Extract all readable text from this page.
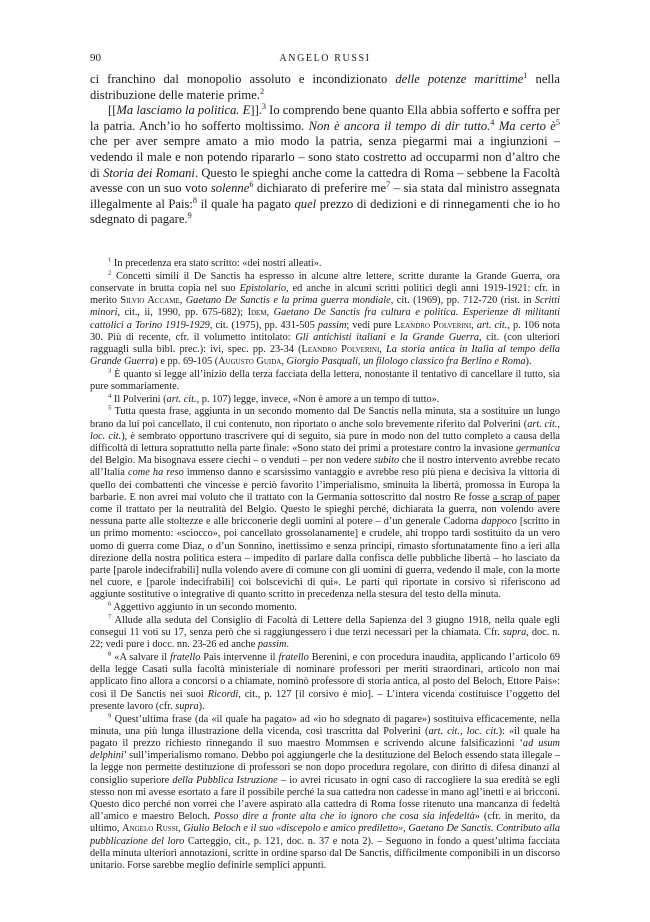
90	ANGELO RUSSI

ci franchino dal monopolio assoluto e incondizionato delle potenze marittime$^1$ nella distribuzione delle materie prime.$^2$

[[Ma lasciamo la politica. E]].$^3$ Io comprendo bene quanto Ella abbia sofferto e soffra per la patria. Anch’io ho sofferto moltissimo. Non è ancora il tempo di dir tutto.$^4$ Ma certo $è^5$ che per aver sempre amato a mio modo la patria, senza piegarmi mai a ingiunzioni – vedendo il male e non potendo ripararlo – sono stato costretto ad occuparmi non d’altro che di Storia dei Romani. Questo le spieghi anche come la cattedra di Roma – sebbene la Facoltà avesse con un suo voto solenne$^6$ dichiarato di preferire $me^7$ – sia stata dal ministro assegnata illegalmente al Pais:$^8$ il quale ha pagato quel prezzo di dedizioni e di rinnegamenti che io ho sdegnato di pagare.$^9$

$^1$ In precedenza era stato scritto: «dei nostri alleati».

$^2$ Concetti simili il De Sanctis ha espresso in alcune altre lettere, scritte durante la Grande Guerra, ora conservate in brutta copia nel suo Epistolario, ed anche in alcuni scritti politici degli anni 1919-1921: cfr. in merito Silvio Accame, Gaetano De Sanctis e la prima guerra mondiale, cit. (1969), pp. 712-720 (rist. in Scritti minori, cit., ii, 1990, pp. 675-682); Idem, Gaetano De Sanctis fra cultura e politica. Esperienze di militanti cattolici a Torino 1919-1929, cit. (1975), pp. 431-505 passim; vedi pure Leandro Polverini, art. cit., p. 106 nota 30. Più di recente, cfr. il volumetto intitolato: Gli antichisti italiani e la Grande Guerra, cit. (con ulteriori ragguagli sulla bibl. prec.): ivi, spec. pp. 23-34 (Leandro Polverini, La storia antica in Italia al tempo della Grande Guerra) e pp. 69-105 (Augusto Guida, Giorgio Pasquali, un filologo classico fra Berlino e Roma).

$^3$ È quanto si legge all’inizio della terza facciata della lettera, nonostante il tentativo di cancellare il tutto, sia pure sommariamente.

$^4$ Il Polverini (art. cit., p. 107) legge, invece, «Non è amore a un tempo di tutto».

$^5$ Tutta questa frase, aggiunta in un secondo momento dal De Sanctis nella minuta, sta a sostituire un lungo brano da lui poi cancellato, il cui contenuto, non riportato o anche solo brevemente riferito dal Polverini (art. cit., loc. cit.), è sembrato opportuno trascrivere qui di seguito, sia pure in modo non del tutto completo a causa della difficoltà di lettura soprattutto nella parte finale: «Sono stato dei primi a protestare contro la invasione germanica del Belgio. Ma bisognava essere ciechi – o venduti – per non vedere subito che il nostro intervento avrebbe recato all’Italia come ha reso immenso danno e scarsissimo vantaggio e avrebbe reso più piena e decisiva la vittoria di quello dei combattenti che vincesse e perciò favorito l’imperialismo, sminuita la libertà, promossa in Europa la barbarie. E non avrei mai voluto che il trattato con la Germania sottoscritto dal nostro Re fosse a scrap of paper come il trattato per la neutralità del Belgio. Questo le spieghi perché, dichiarata la guerra, non volendo avere nessuna parte alle stoltezze e alle bricconerie degli uomini al potere – d’un generale Cadorna dappoco [scritto in un primo momento: «sciocco», poi cancellato grossolanamente] e crudele, ahi troppo tardi sostituito da un vero uomo di guerra come Diaz, o d’un Sonnino, inettissimo e senza principi, rimasto sfortunatamente fino a ieri alla direzione della nostra politica estera – impedito di parlare dalla confisca delle pubbliche libertà – ho lasciato da parte [parole indecifrabili] nulla volendo avere di comune con gli uomini di guerra, vedendo il male, con la morte nel cuore, e [parole indecifrabili] coi bolscevichi di qui». Le parti qui riportate in corsivo si riferiscono ad aggiunte sostitutive o integrative di quanto scritto in precedenza nella stesura del testo della minuta.

$^6$ Aggettivo aggiunto in un secondo momento.

$^7$ Allude alla seduta del Consiglio di Facoltà di Lettere della Sapienza del 3 giugno 1918, nella quale egli consegui 11 voti su 17, senza però che si raggiungessero i due terzi necessari per la chiamata. Cfr. supra, doc. n. 22; vedi pure i docc. nn. 23-26 ed anche passim.

$^8$ «A salvare il fratello Pais intervenne il fratello Berenini, e con procedura inaudita, applicando l’articolo 69 della legge Casati sulla facoltà ministeriale di nominare professori per meriti straordinari, articolo non mai applicato fino allora a concorsi o a chiamate, nominò professore di storia antica, al posto del Beloch, Ettore Pais»: così il De Sanctis nei suoi Ricordi, cit., p. 127 [il corsivo è mio]. – L’intera vicenda costituisce l’oggetto del presente lavoro (cfr. supra).

$^9$ Quest’ultima frase (da «il quale ha pagato» ad «io ho sdegnato di pagare») sostituiva efficacemente, nella minuta, una più lunga illustrazione della vicenda, così trascritta dal Polverini (art. cit., loc. cit.): «il quale ha pagato il prezzo richiesto rinnegando il suo maestro Mommsen e scrivendo alcune falsificazioni ‘ad usum delphini’ sull’imperialismo romano. Debbo poi aggiungerle che la destituzione del Beloch essendo stata illegale – la legge non permette destituzione di professori se non dopo procedura regolare, con diritto di difesa dinanzi al consiglio superiore della Pubblica Istruzione – io avrei ricusato in ogni caso di raccogliere la sua eredità se egli stesso non mi avesse esortato a fare il possibile perché la sua cattedra non cadesse in mano agl’inetti e ai bricconi. Questo dico perché non vorrei che l’avere aspirato alla cattedra di Roma fosse ritenuto una mancanza di fedeltà all’amico e maestro Beloch. Posso dire a fronte alta che io ignoro che cosa sia infedeltà» (cfr. in merito, da ultimo, Angelo Russi, Giulio Beloch e il suo «discepolo e amico prediletto», Gaetano De Sanctis. Contributo alla pubblicazione del loro Carteggio, cit., p. 121, doc. n. 37 e nota 2). – Seguono in fondo a quest’ultima facciata della minuta ulteriori annotazioni, scritte in ordine sparso dal De Sanctis, difficilmente componibili in un discorso unitario. Forse sarebbe meglio definirle semplici appunti.
